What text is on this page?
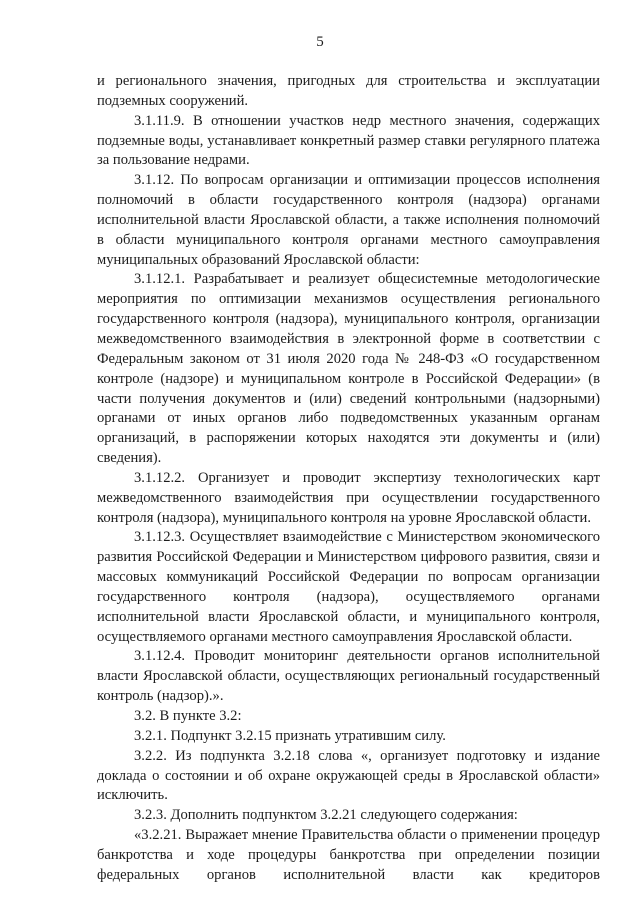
5

и регионального значения, пригодных для строительства и эксплуатации подземных сооружений.

3.1.11.9. В отношении участков недр местного значения, содержащих подземные воды, устанавливает конкретный размер ставки регулярного платежа за пользование недрами.

3.1.12. По вопросам организации и оптимизации процессов исполнения полномочий в области государственного контроля (надзора) органами исполнительной власти Ярославской области, а также исполнения полномочий в области муниципального контроля органами местного самоуправления муниципальных образований Ярославской области:

3.1.12.1. Разрабатывает и реализует общесистемные методологические мероприятия по оптимизации механизмов осуществления регионального государственного контроля (надзора), муниципального контроля, организации межведомственного взаимодействия в электронной форме в соответствии с Федеральным законом от 31 июля 2020 года № 248-ФЗ «О государственном контроле (надзоре) и муниципальном контроле в Российской Федерации» (в части получения документов и (или) сведений контрольными (надзорными) органами от иных органов либо подведомственных указанным органам организаций, в распоряжении которых находятся эти документы и (или) сведения).

3.1.12.2. Организует и проводит экспертизу технологических карт межведомственного взаимодействия при осуществлении государственного контроля (надзора), муниципального контроля на уровне Ярославской области.

3.1.12.3. Осуществляет взаимодействие с Министерством экономического развития Российской Федерации и Министерством цифрового развития, связи и массовых коммуникаций Российской Федерации по вопросам организации государственного контроля (надзора), осуществляемого органами исполнительной власти Ярославской области, и муниципального контроля, осуществляемого органами местного самоуправления Ярославской области.

3.1.12.4. Проводит мониторинг деятельности органов исполнительной власти Ярославской области, осуществляющих региональный государственный контроль (надзор).».

3.2. В пункте 3.2:

3.2.1. Подпункт 3.2.15 признать утратившим силу.

3.2.2. Из подпункта 3.2.18 слова «, организует подготовку и издание доклада о состоянии и об охране окружающей среды в Ярославской области» исключить.

3.2.3. Дополнить подпунктом 3.2.21 следующего содержания:

«3.2.21. Выражает мнение Правительства области о применении процедур банкротства и ходе процедуры банкротства при определении позиции федеральных органов исполнительной власти как кредиторов
